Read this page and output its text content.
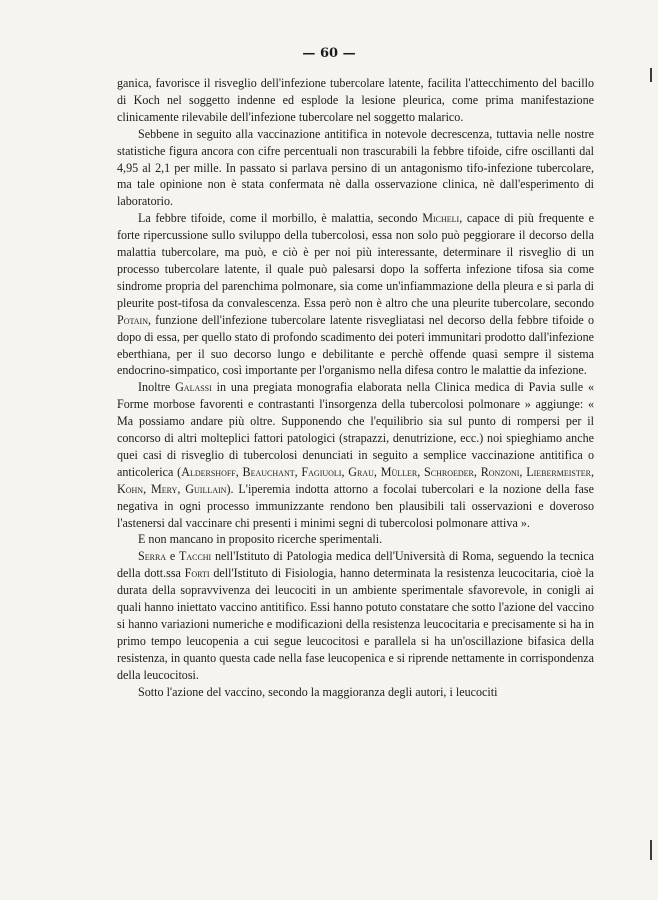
— 60 —

ganica, favorisce il risveglio dell'infezione tubercolare latente, facilita l'attecchimento del bacillo di Koch nel soggetto indenne ed esplode la lesione pleurica, come prima manifestazione clinicamente rilevabile dell'infezione tubercolare nel soggetto malarico.

Sebbene in seguito alla vaccinazione antitifica in notevole decrescenza, tuttavia nelle nostre statistiche figura ancora con cifre percentuali non trascurabili la febbre tifoide, cifre oscillanti dal 4,95 al 2,1 per mille. In passato si parlava persino di un antagonismo tifo-infezione tubercolare, ma tale opinione non è stata confermata nè dalla osservazione clinica, nè dall'esperimento di laboratorio.

La febbre tifoide, come il morbillo, è malattia, secondo Micheli, capace di più frequente e forte ripercussione sullo sviluppo della tubercolosi, essa non solo può peggiorare il decorso della malattia tubercolare, ma può, e ciò è per noi più interessante, determinare il risveglio di un processo tubercolare latente, il quale può palesarsi dopo la sofferta infezione tifosa sia come sindrome propria del parenchima polmonare, sia come un'infiammazione della pleura e si parla di pleurite post-tifosa da convalescenza. Essa però non è altro che una pleurite tubercolare, secondo Potain, funzione dell'infezione tubercolare latente risvegliatasi nel decorso della febbre tifoide o dopo di essa, per quello stato di profondo scadimento dei poteri immunitari prodotto dall'infezione eberthiana, per il suo decorso lungo e debilitante e perchè offende quasi sempre il sistema endocrino-simpatico, così importante per l'organismo nella difesa contro le malattie da infezione.

Inoltre Galassi in una pregiata monografia elaborata nella Clinica medica di Pavia sulle « Forme morbose favorenti e contrastanti l'insorgenza della tubercolosi polmonare » aggiunge: « Ma possiamo andare più oltre. Supponendo che l'equilibrio sia sul punto di rompersi per il concorso di altri molteplici fattori patologici (strapazzi, denutrizione, ecc.) noi spieghiamo anche quei casi di risveglio di tubercolosi denunciati in seguito a semplice vaccinazione antitifica o anticolerica (Aldershoff, Beauchant, Fagiuoli, Grau, Müller, Schroeder, Ronzoni, Liebermeister, Kohn, Mery, Guillain). L'iperemia indotta attorno a focolai tubercolari e la nozione della fase negativa in ogni processo immunizzante rendono ben plausibili tali osservazioni e doveroso l'astenersi dal vaccinare chi presenti i minimi segni di tubercolosi polmonare attiva ».

E non mancano in proposito ricerche sperimentali.

Serra e Tacchi nell'Istituto di Patologia medica dell'Università di Roma, seguendo la tecnica della dott.ssa Forti dell'Istituto di Fisiologia, hanno determinata la resistenza leucocitaria, cioè la durata della sopravvivenza dei leucociti in un ambiente sperimentale sfavorevole, in conigli ai quali hanno iniettato vaccino antitifico. Essi hanno potuto constatare che sotto l'azione del vaccino si hanno variazioni numeriche e modificazioni della resistenza leucocitaria e precisamente si ha in primo tempo leucopenia a cui segue leucocitosi e parallela si ha un'oscillazione bifasica della resistenza, in quanto questa cade nella fase leucopenica e si riprende nettamente in corrispondenza della leucocitosi.

Sotto l'azione del vaccino, secondo la maggioranza degli autori, i leucociti
